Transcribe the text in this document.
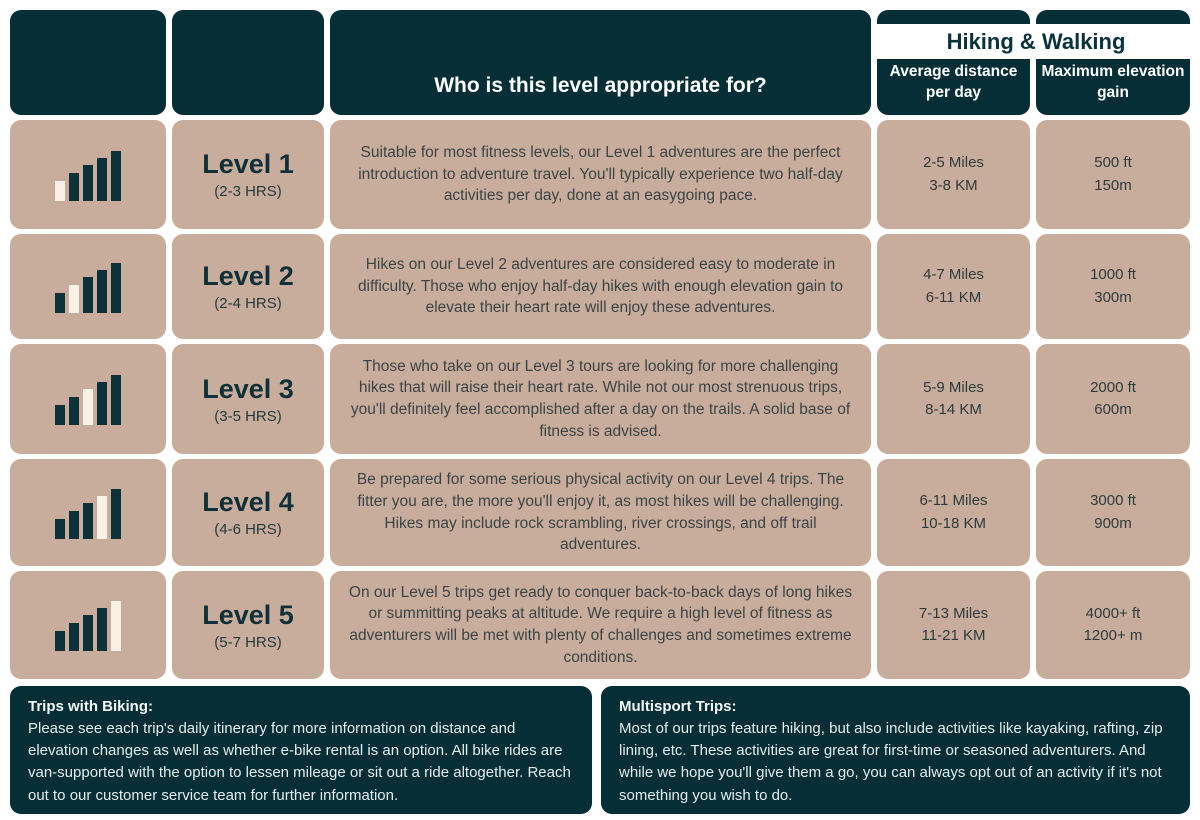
Who is this level appropriate for?
Average distance per day
Maximum elevation gain
Level 1
(2-3 HRS)

Suitable for most fitness levels, our Level 1 adventures are the perfect introduction to adventure travel. You'll typically experience two half-day activities per day, done at an easygoing pace.

2-5 Miles
3-8 KM
500 ft
150m
Level 2
(2-4 HRS)

Hikes on our Level 2 adventures are considered easy to moderate in difficulty. Those who enjoy half-day hikes with enough elevation gain to elevate their heart rate will enjoy these adventures.

4-7 Miles
6-11 KM
1000 ft
300m
Level 3
(3-5 HRS)

Those who take on our Level 3 tours are looking for more challenging hikes that will raise their heart rate. While not our most strenuous trips, you'll definitely feel accomplished after a day on the trails. A solid base of fitness is advised.

5-9 Miles
8-14 KM
2000 ft
600m
Level 4
(4-6 HRS)

Be prepared for some serious physical activity on our Level 4 trips. The fitter you are, the more you'll enjoy it, as most hikes will be challenging. Hikes may include rock scrambling, river crossings, and off trail adventures.

6-11 Miles
10-18 KM
3000 ft
900m
Level 5
(5-7 HRS)

On our Level 5 trips get ready to conquer back-to-back days of long hikes or summitting peaks at altitude. We require a high level of fitness as adventurers will be met with plenty of challenges and sometimes extreme conditions.

7-13 Miles
11-21 KM
4000+ ft
1200+ m
Hiking & Walking
Trips with Biking:

Please see each trip's daily itinerary for more information on distance and elevation changes as well as whether e-bike rental is an option. All bike rides are van-supported with the option to lessen mileage or sit out a ride altogether. Reach out to our customer service team for further information.

Multisport Trips:

Most of our trips feature hiking, but also include activities like kayaking, rafting, zip lining, etc. These activities are great for first-time or seasoned adventurers. And while we hope you'll give them a go, you can always opt out of an activity if it's not something you wish to do.
